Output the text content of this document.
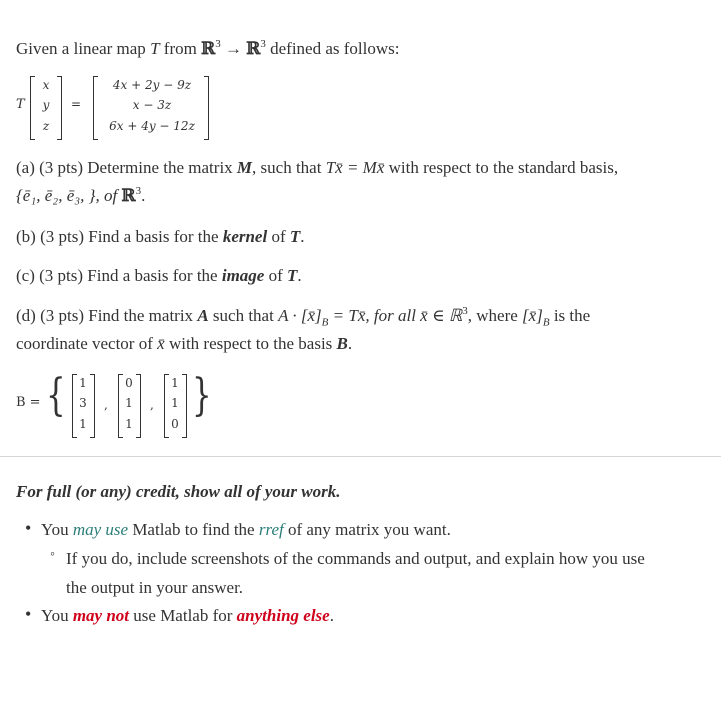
Given a linear map T from ℝ$^3$ → ℝ$^3$ defined as follows:
T
x
y
z
=
4x + 2y − 9z
x − 3z
6x + 4y − 12z
(a) (3 pts) Determine the matrix M, such that Tx̄ = Mx̄ with respect to the standard basis,
{ē₁, ē₂, ē₃, }, of ℝ$^3$.
(b) (3 pts) Find a basis for the kernel of T.
(c) (3 pts) Find a basis for the image of T.
(d) (3 pts) Find the matrix A such that $A \cdot [x̄]_B$ = Tx̄, for all x̄ ∈ ℝ$^3$, where $[x̄]_B$ is the
coordinate vector of x̄ with respect to the basis B.
B = { 1
3
1
,
0
1
1
,
1
1
0
}
For full (or any) credit, show all of your work.
• You may use Matlab to find the rref of any matrix you want.
◦ If you do, include screenshots of the commands and output, and explain how you use
the output in your answer.
• You may not use Matlab for anything else.
